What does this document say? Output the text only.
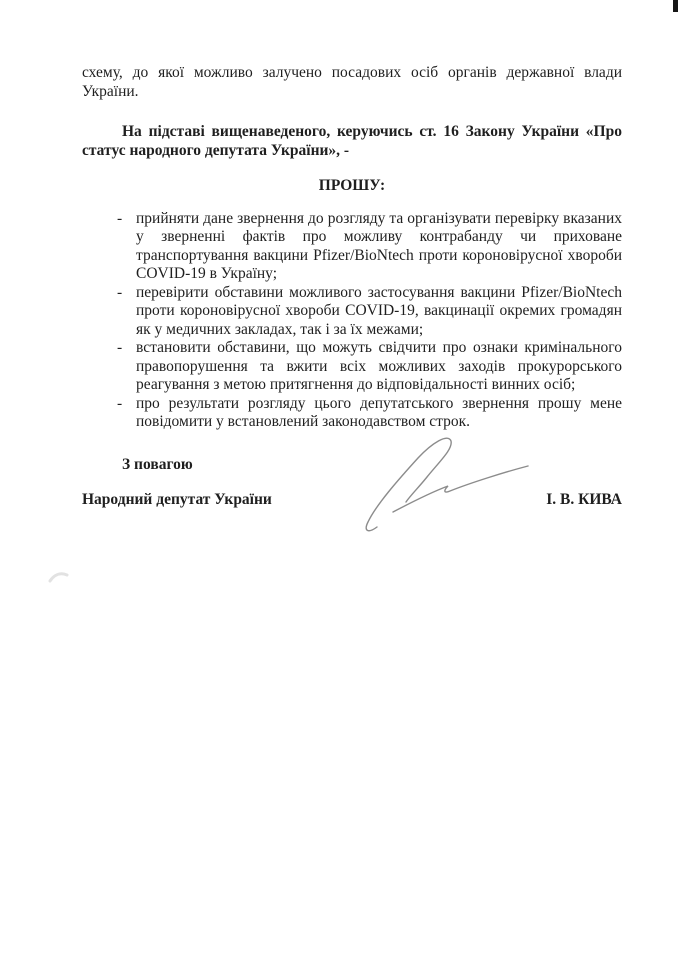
схему, до якої можливо залучено посадових осіб органів державної влади України.

На підставі вищенаведеного, керуючись ст. 16 Закону України «Про статус народного депутата України», -

ПРОШУ:

- прийняти дане звернення до розгляду та організувати перевірку вказаних у зверненні фактів про можливу контрабанду чи приховане транспортування вакцини Pfizer/BioNtech проти короновірусної хвороби COVID-19 в Україну;
- перевірити обставини можливого застосування вакцини Pfizer/BioNtech проти короновірусної хвороби COVID-19, вакцинації окремих громадян як у медичних закладах, так і за їх межами;
- встановити обставини, що можуть свідчити про ознаки кримінального правопорушення та вжити всіх можливих заходів прокурорського реагування з метою притягнення до відповідальності винних осіб;
- про результати розгляду цього депутатського звернення прошу мене повідомити у встановлений законодавством строк.

З повагою

Народний депутат України	І. В. КИВА
